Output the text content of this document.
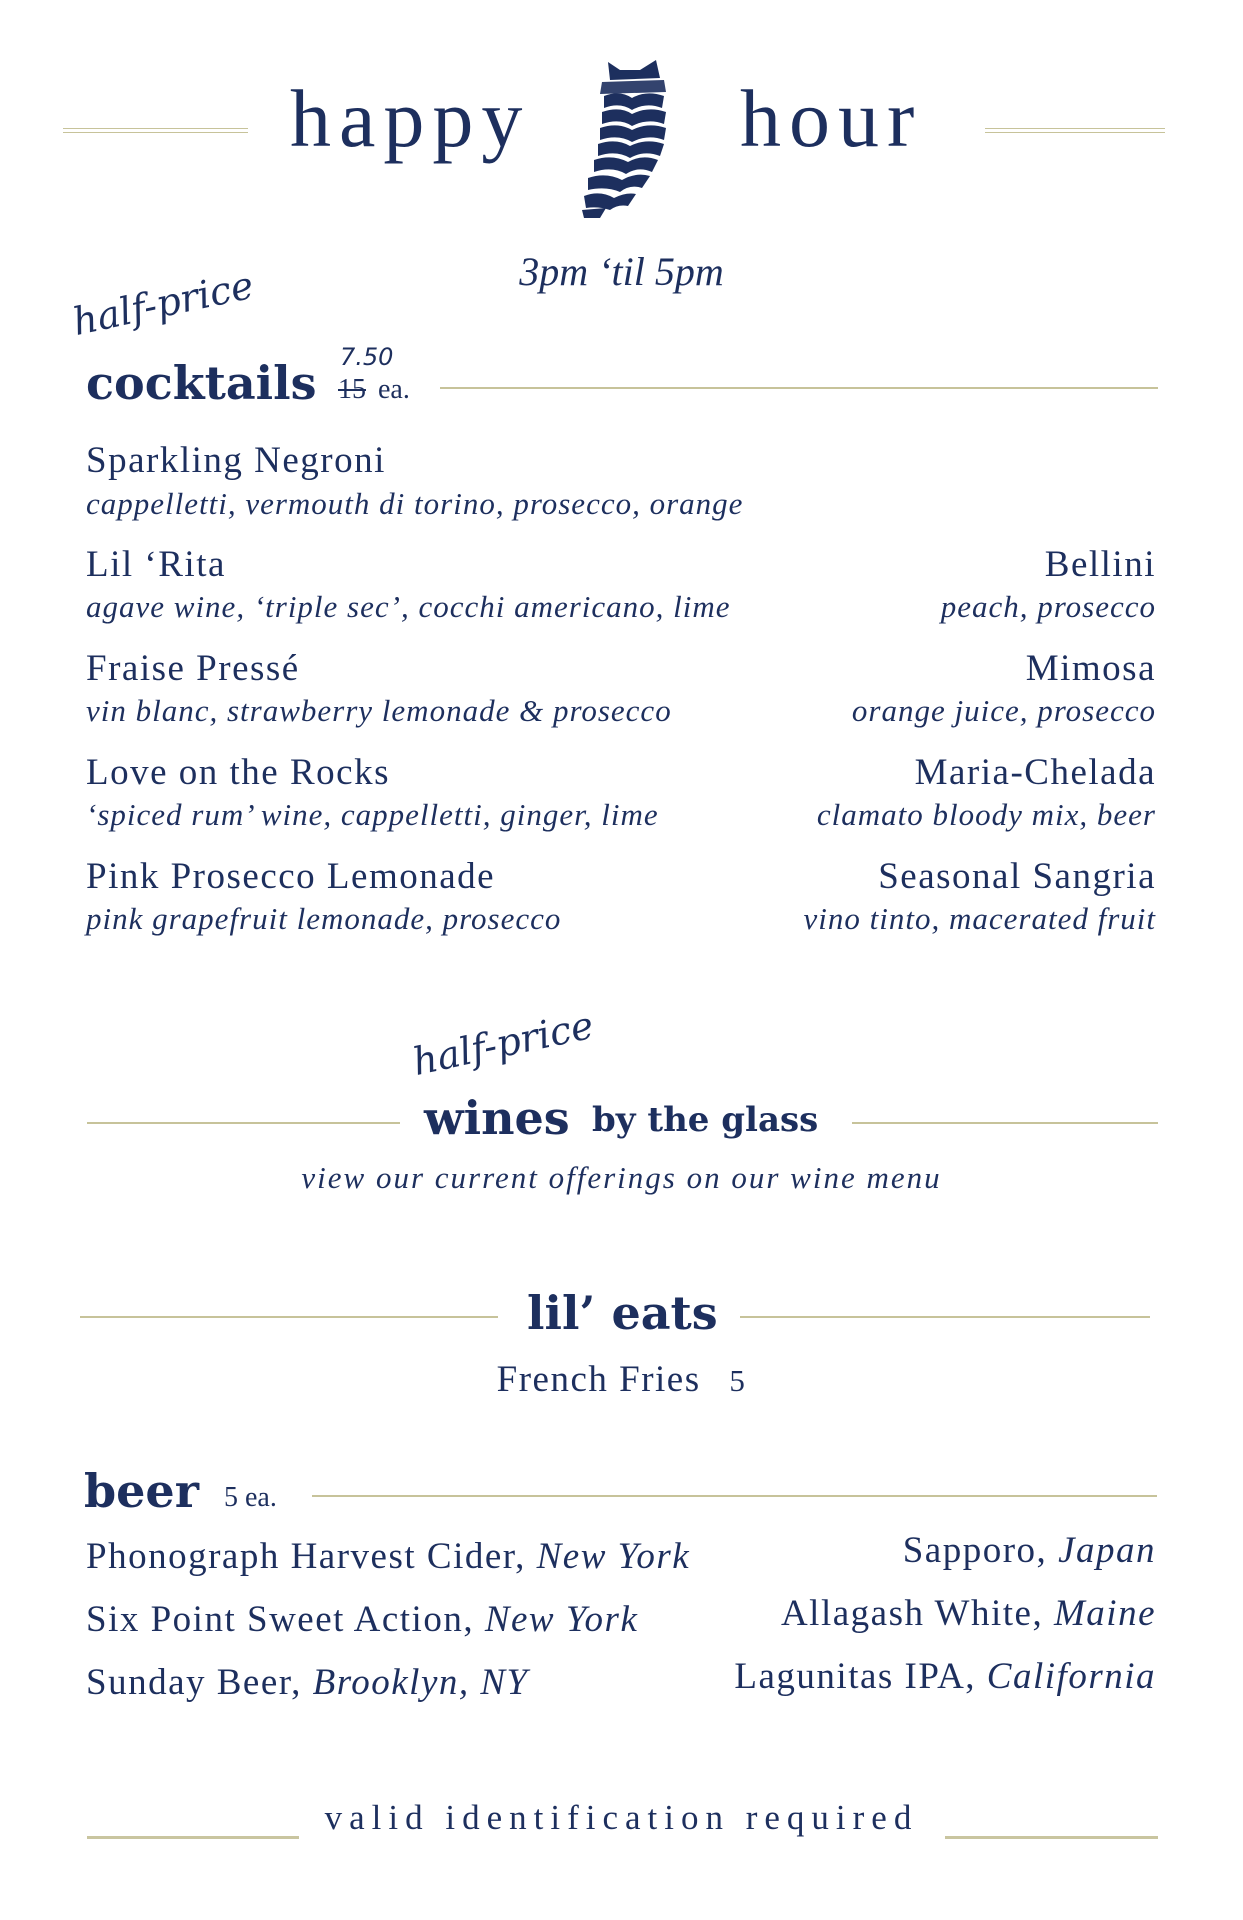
happy	hour
3pm ‘til 5pm
half-price
cocktails 7.50
15 ea.
Sparkling Negroni
cappelletti, vermouth di torino, prosecco, orange
Lil ‘Rita
agave wine, ‘triple sec’, cocchi americano, lime
Fraise Pressé
vin blanc, strawberry lemonade & prosecco
Love on the Rocks
‘spiced rum’ wine, cappelletti, ginger, lime
Pink Prosecco Lemonade
pink grapefruit lemonade, prosecco
Bellini
peach, prosecco
Mimosa
orange juice, prosecco
Maria-Chelada
clamato bloody mix, beer
Seasonal Sangria
vino tinto, macerated fruit
half-price
wines by the glass
view our current offerings on our wine menu
lil’ eats
French Fries 5
beer 5 ea.
Phonograph Harvest Cider, New York
Six Point Sweet Action, New York
Sunday Beer, Brooklyn, NY
Sapporo, Japan
Allagash White, Maine
Lagunitas IPA, California
valid identification required
